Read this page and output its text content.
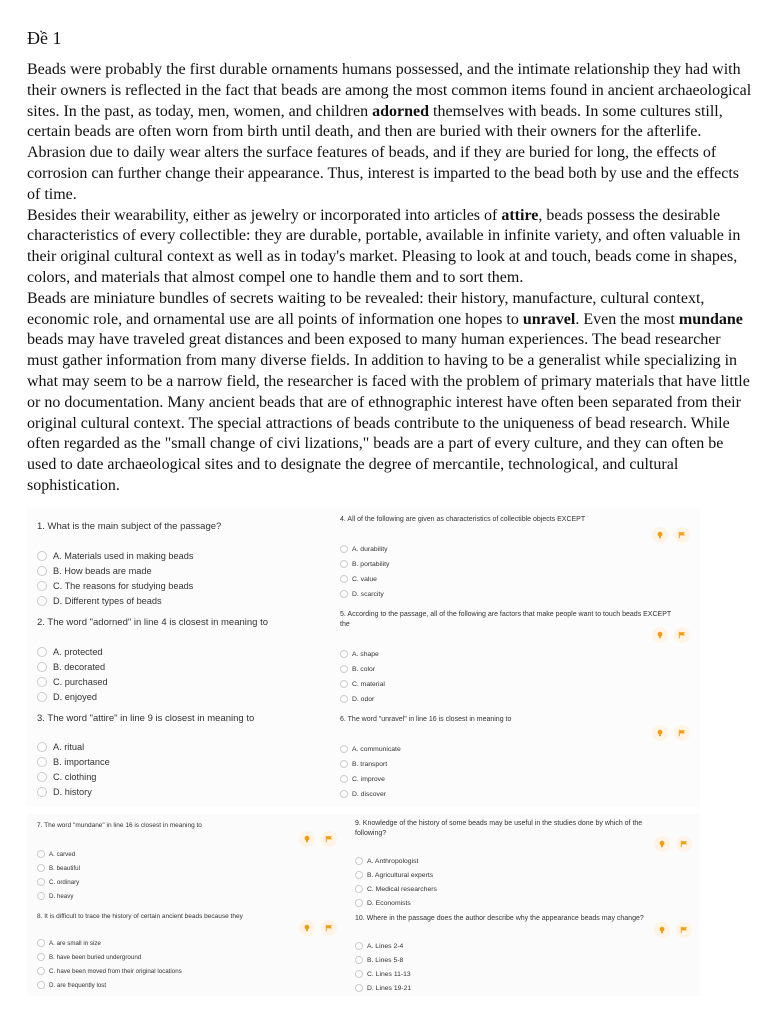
Đề 1

Beads were probably the first durable ornaments humans possessed, and the intimate relationship they had with their owners is reflected in the fact that beads are among the most common items found in ancient archaeological sites. In the past, as today, men, women, and children adorned themselves with beads. In some cultures still, certain beads are often worn from birth until death, and then are buried with their owners for the afterlife. Abrasion due to daily wear alters the surface features of beads, and if they are buried for long, the effects of corrosion can further change their appearance. Thus, interest is imparted to the bead both by use and the effects of time.

Besides their wearability, either as jewelry or incorporated into articles of attire, beads possess the desirable characteristics of every collectible: they are durable, portable, available in infinite variety, and often valuable in their original cultural context as well as in today's market. Pleasing to look at and touch, beads come in shapes, colors, and materials that almost compel one to handle them and to sort them.

Beads are miniature bundles of secrets waiting to be revealed: their history, manufacture, cultural context, economic role, and ornamental use are all points of information one hopes to unravel. Even the most mundane beads may have traveled great distances and been exposed to many human experiences. The bead researcher must gather information from many diverse fields. In addition to having to be a generalist while specializing in what may seem to be a narrow field, the researcher is faced with the problem of primary materials that have little or no documentation. Many ancient beads that are of ethnographic interest have often been separated from their original cultural context. The special attractions of beads contribute to the uniqueness of bead research. While often regarded as the "small change of civi lizations," beads are a part of every culture, and they can often be used to date archaeological sites and to designate the degree of mercantile, technological, and cultural sophistication.

1. What is the main subject of the passage?
A. Materials used in making beads
B. How beads are made
C. The reasons for studying beads
D. Different types of beads
2. The word "adorned" in line 4 is closest in meaning to
A. protected
B. decorated
C. purchased
D. enjoyed
3. The word "attire" in line 9 is closest in meaning to
A. ritual
B. importance
C. clothing
D. history
4. All of the following are given as characteristics of collectible objects EXCEPT
A. durability
B. portability
C. value
D. scarcity
5. According to the passage, all of the following are factors that make people want to touch beads EXCEPT the
A. shape
B. color
C. material
D. odor
6. The word "unravel" in line 16 is closest in meaning to
A. communicate
B. transport
C. improve
D. discover
7. The word "mundane" in line 16 is closest in meaning to
A. carved
B. beautiful
C. ordinary
D. heavy
8. It is difficult to trace the history of certain ancient beads because they
A. are small in size
B. have been buried underground
C. have been moved from their original locations
D. are frequently lost
9. Knowledge of the history of some beads may be useful in the studies done by which of the following?
A. Anthropologist
B. Agricultural experts
C. Medical researchers
D. Economists
10. Where in the passage does the author describe why the appearance beads may change?
A. Lines 2-4
B. Lines 5-8
C. Lines 11-13
D. Lines 19-21
